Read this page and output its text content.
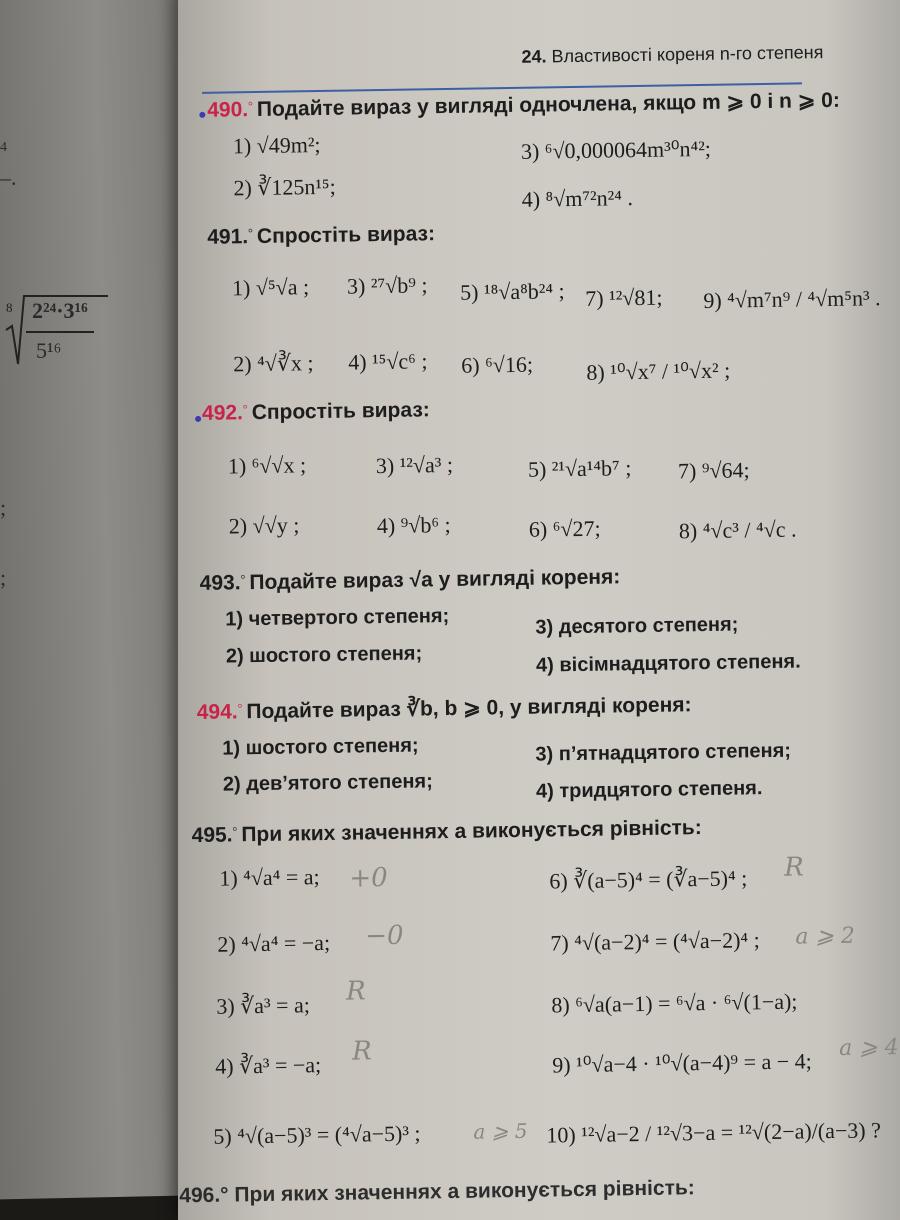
4
–.
8 2²⁴·3¹⁶
5¹⁶
;
;
24. Властивості кореня n-го степеня
490.° Подайте вираз у вигляді одночлена, якщо m ⩾ 0 і n ⩾ 0:
1) √49m²;
2) ∛125n¹⁵;
3) ⁶√0,000064m³⁰n⁴²;
4) ⁸√m⁷²n²⁴ .
491.° Спростіть вираз:
1) √⁵√a ;
2) ⁴√∛x ;
3) ²⁷√b⁹ ;
4) ¹⁵√c⁶ ;
5) ¹⁸√a⁸b²⁴ ;
6) ⁶√16;
7) ¹²√81;
8) ¹⁰√x⁷ / ¹⁰√x² ;
9) ⁴√m⁷n⁹ / ⁴√m⁵n³ .
492.° Спростіть вираз:
1) ⁶√√x ;
2) √√y ;
3) ¹²√a³ ;
4) ⁹√b⁶ ;
5) ²¹√a¹⁴b⁷ ;
6) ⁶√27;
7) ⁹√64;
8) ⁴√c³ / ⁴√c .
493.° Подайте вираз √a у вигляді кореня:
1) четвертого степеня;
2) шостого степеня;
3) десятого степеня;
4) вісімнадцятого степеня.
494.° Подайте вираз ∛b, b ⩾ 0, у вигляді кореня:
1) шостого степеня;
2) дев’ятого степеня;
3) п’ятнадцятого степеня;
4) тридцятого степеня.
495.° При яких значеннях a виконується рівність:
1) ⁴√a⁴ = a;
2) ⁴√a⁴ = −a;
3) ∛a³ = a;
4) ∛a³ = −a;
5) ⁴√(a−5)³ = (⁴√a−5)³ ;
6) ∛(a−5)⁴ = (∛a−5)⁴ ;
7) ⁴√(a−2)⁴ = (⁴√a−2)⁴ ;
8) ⁶√a(a−1) = ⁶√a · ⁶√(1−a);
9) ¹⁰√a−4 · ¹⁰√(a−4)⁹ = a − 4;
10) ¹²√a−2 / ¹²√3−a = ¹²√(2−a)/(a−3) ?
+0
−0
R
R
a ⩾ 5
R
a ⩾ 2
a ⩾ 4
496.° При яких значеннях a виконується рівність:
